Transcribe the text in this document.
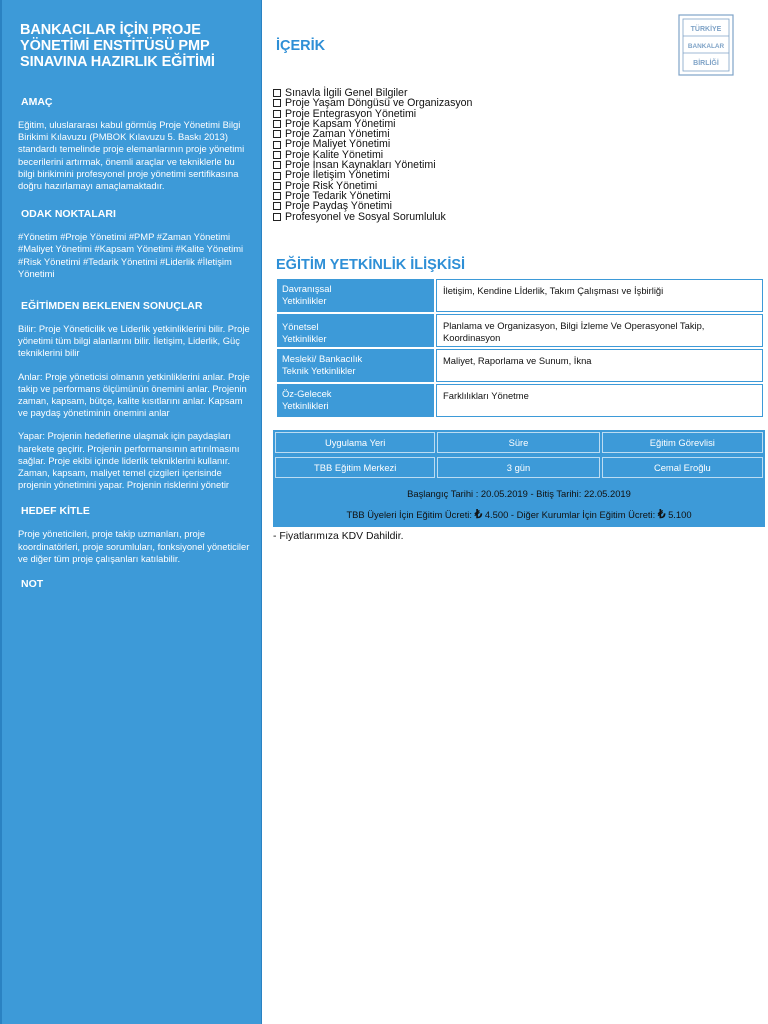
BANKACILAR İÇİN PROJE YÖNETİMİ ENSTİTÜSÜ PMP SINAVINA HAZIRLIK EĞİTİMİ
AMAÇ
Eğitim, uluslararası kabul görmüş Proje Yönetimi Bilgi Birikimi Kılavuzu (PMBOK Kılavuzu 5. Baskı 2013) standardı temelinde proje elemanlarının proje yönetimi becerilerini artırmak, önemli araçlar ve tekniklerle bu bilgi birikimini profesyonel proje yönetimi sertifikasına doğru hazırlamayı amaçlamaktadır.
ODAK NOKTALARI
#Yönetim #Proje Yönetimi #PMP #Zaman Yönetimi #Maliyet Yönetimi #Kapsam Yönetimi #Kalite Yönetimi #Risk Yönetimi #Tedarik Yönetimi #Liderlik #İletişim Yönetimi
EĞİTİMDEN BEKLENEN SONUÇLAR
Bilir: Proje Yöneticilik ve Liderlik yetkinliklerini bilir. Proje yönetimi tüm bilgi alanlarını bilir. İletişim, Liderlik, Güç tekniklerini bilir
Anlar: Proje yöneticisi olmanın yetkinliklerini anlar. Proje takip ve performans ölçümünün önemini anlar. Projenin zaman, kapsam, bütçe, kalite kısıtlarını anlar. Kapsam ve paydaş yönetiminin önemini anlar
Yapar: Projenin hedeflerine ulaşmak için paydaşları harekete geçirir. Projenin performansının artırılmasını sağlar. Proje ekibi içinde liderlik tekniklerini kullanır. Zaman, kapsam, maliyet temel çizgileri içerisinde projenin yönetimini yapar. Projenin risklerini yönetir
HEDEF KİTLE
Proje yöneticileri, proje takip uzmanları, proje koordinatörleri, proje sorumluları, fonksiyonel yöneticiler ve diğer tüm proje çalışanları katılabilir.
NOT
İÇERİK
TÜRKİYE
BANKALAR
BİRLİĞİ
Sınavla İlgili Genel Bilgiler
Proje Yaşam Döngüsü ve Organizasyon
Proje Entegrasyon Yönetimi
Proje Kapsam Yönetimi
Proje Zaman Yönetimi
Proje Maliyet Yönetimi
Proje Kalite Yönetimi
Proje İnsan Kaynakları Yönetimi
Proje İletişim Yönetimi
Proje Risk Yönetimi
Proje Tedarik Yönetimi
Proje Paydaş Yönetimi
Profesyonel ve Sosyal Sorumluluk
EĞİTİM YETKİNLİK İLİŞKİSİ
Davranışsal
Yetkinlikler	İletişim, Kendine Lİderlik, Takım Çalışması ve İşbirliği
Yönetsel
Yetkinlikler	Planlama ve Organizasyon, Bilgi İzleme Ve Operasyonel Takip, Koordinasyon
Mesleki/ Bankacılık
Teknik Yetkinlikler	Maliyet, Raporlama ve Sunum, İkna
Öz-Gelecek
Yetkinlikleri	Farklılıkları Yönetme
Uygulama Yeri	Süre	Eğitim Görevlisi
TBB Eğitim Merkezi	3 gün	Cemal Eroğlu
Başlangıç Tarihi : 20.05.2019 - Bitiş Tarihi: 22.05.2019
TBB Üyeleri İçin Eğitim Ücreti: ₺ 4.500 - Diğer Kurumlar İçin Eğitim Ücreti: ₺ 5.100
- Fiyatlarımıza KDV Dahildir.
